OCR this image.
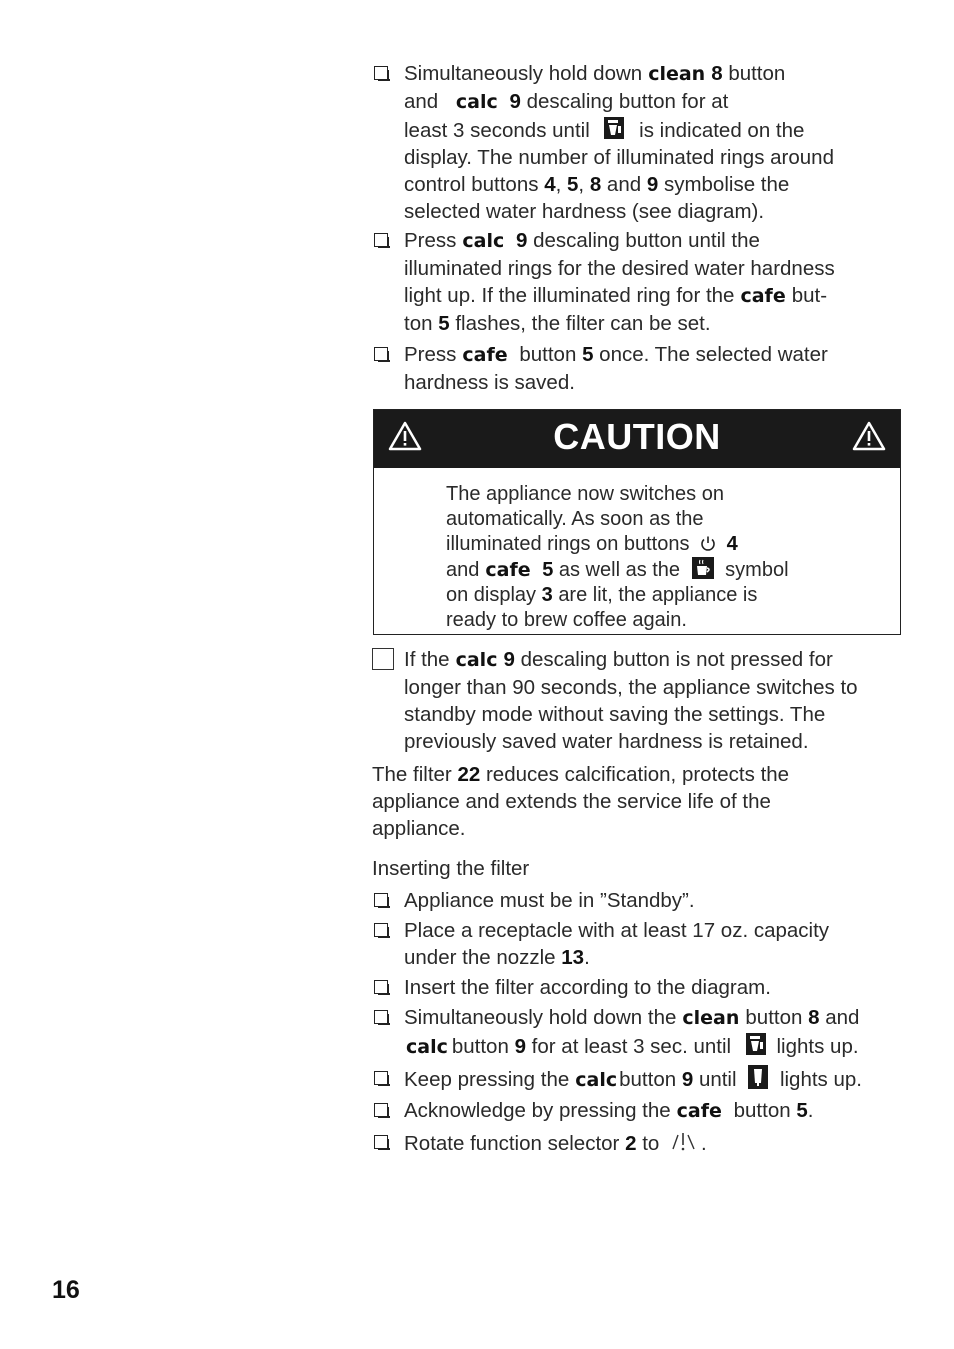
Simultaneously hold down clean 8 button
and calc 9 descaling button for at
least 3 seconds until is indicated on the
display. The number of illuminated rings around
control buttons 4, 5, 8 and 9 symbolise the
selected water hardness (see diagram).
Press calc 9 descaling button until the
illuminated rings for the desired water hardness
light up. If the illuminated ring for the cafe but-
ton 5 flashes, the filter can be set.
Press cafe button 5 once. The selected water
hardness is saved.
CAUTION
The appliance now switches on
automatically. As soon as the
illuminated rings on buttons 4
and cafe 5 as well as the symbol
on display 3 are lit, the appliance is
ready to brew coffee again.
If the calc 9 descaling button is not pressed for
longer than 90 seconds, the appliance switches to
standby mode without saving the settings. The
previously saved water hardness is retained.
The filter 22 reduces calcification, protects the
appliance and extends the service life of the
appliance.
Inserting the filter
Appliance must be in ”Standby”.
Place a receptacle with at least 17 oz. capacity
under the nozzle 13.
Insert the filter according to the diagram.
Simultaneously hold down the clean button 8 and
calc button 9 for at least 3 sec. until lights up.
Keep pressing the calcbutton 9 until lights up.
Acknowledge by pressing the cafe button 5.
Rotate function selector 2 to .
16
